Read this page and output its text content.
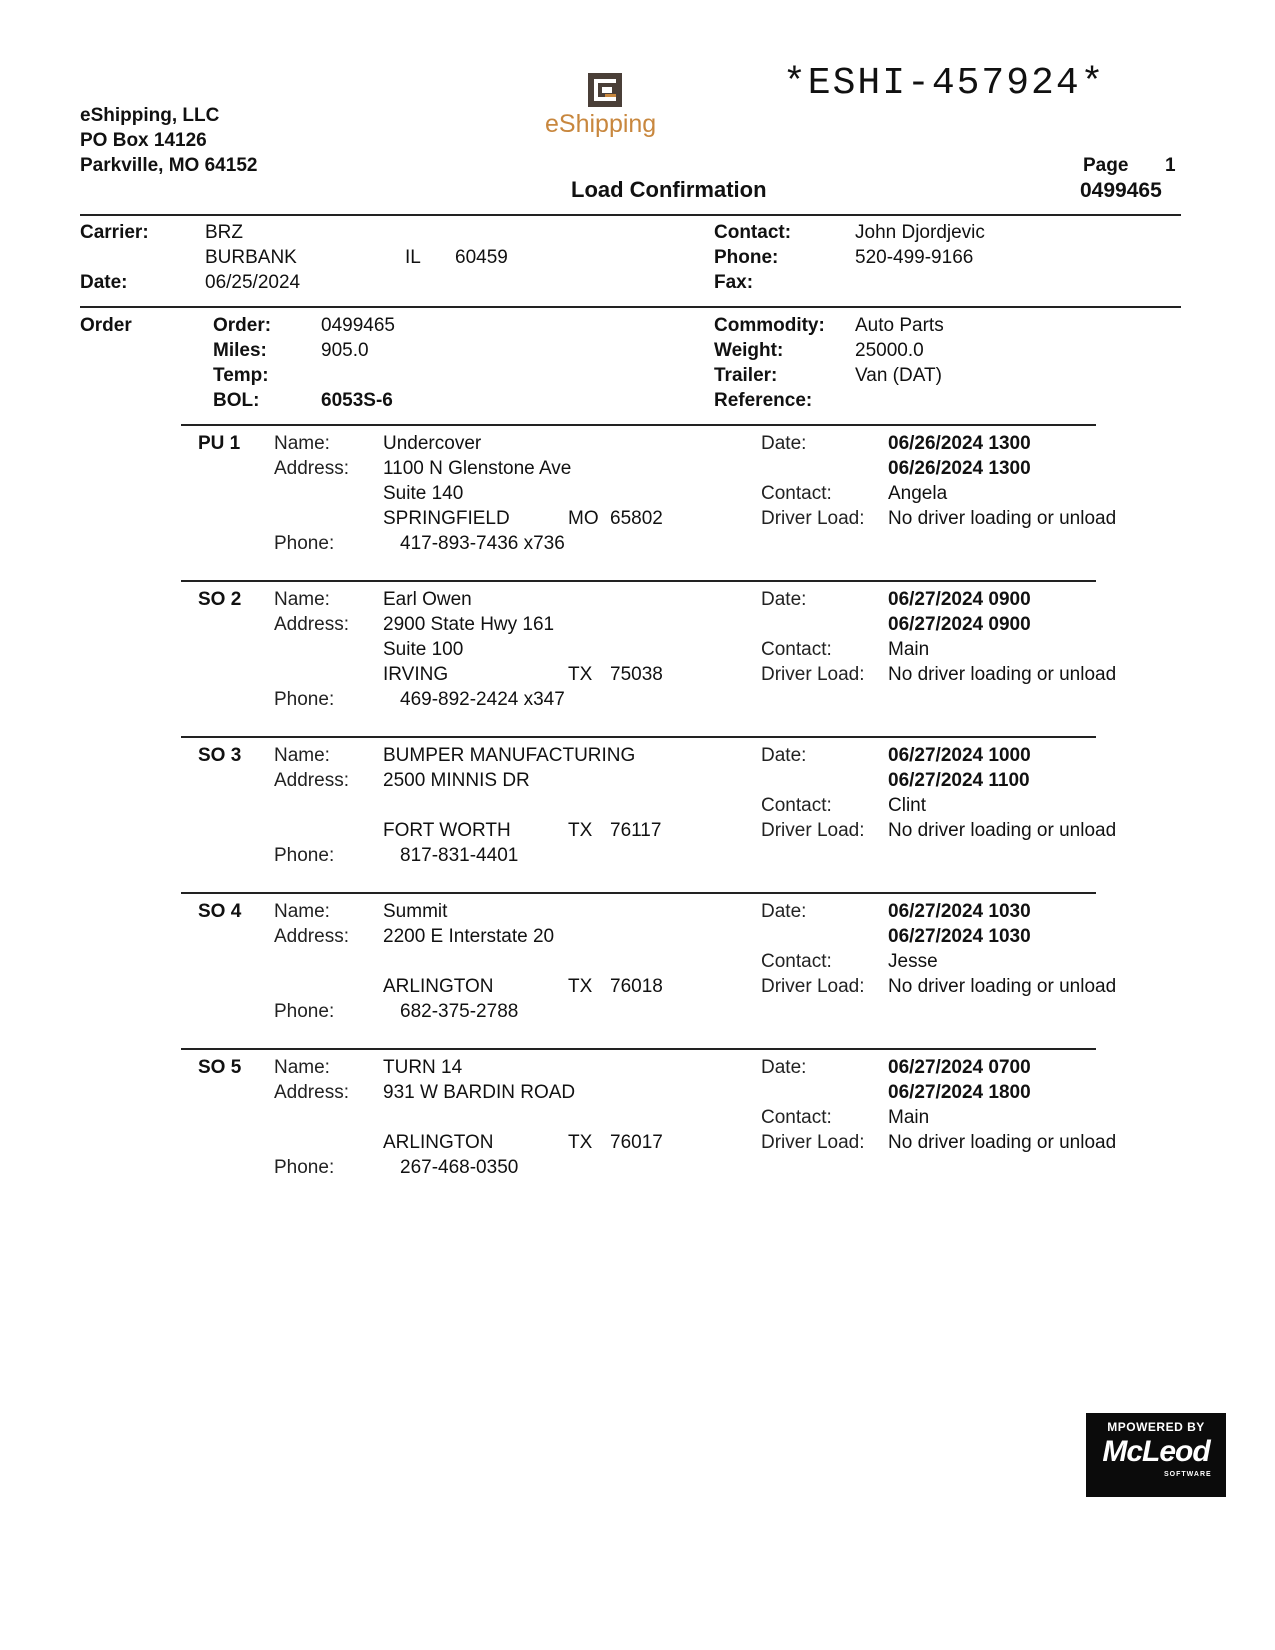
eShipping, LLC
PO Box 14126
Parkville, MO 64152
eShipping
*ESHI-457924*
Load Confirmation
Page 1
0499465
Carrier:	BRZ
BURBANK	IL 60459
Date:	06/25/2024
Contact:	John Djordjevic
Phone:	520-499-9166
Fax:
Order	Order:	0499465
Miles:	905.0
Temp:
BOL:	6053S-6
Commodity: Auto Parts
Weight:	25000.0
Trailer:	Van (DAT)
Reference:
PU 1 Name:	Undercover
Address: 1100 N Glenstone Ave
Suite 140
SPRINGFIELD	MO 65802
Phone:	417-893-7436 x736
Date:	06/26/2024 1300
06/26/2024 1300
Contact:	Angela
Driver Load: No driver loading or unload
SO 2 Name:	Earl Owen
Address: 2900 State Hwy 161
Suite 100
IRVING	TX 75038
Phone:	469-892-2424 x347
Date:	06/27/2024 0900
06/27/2024 0900
Contact:	Main
Driver Load: No driver loading or unload
SO 3 Name:	BUMPER MANUFACTURING
Address: 2500 MINNIS DR
FORT WORTH	TX 76117
Phone:	817-831-4401
Date:	06/27/2024 1000
06/27/2024 1100
Contact:	Clint
Driver Load: No driver loading or unload
SO 4 Name:	Summit
Address: 2200 E Interstate 20
ARLINGTON	TX 76018
Phone:	682-375-2788
Date:	06/27/2024 1030
06/27/2024 1030
Contact:	Jesse
Driver Load: No driver loading or unload
SO 5 Name:	TURN 14
Address: 931 W BARDIN ROAD
ARLINGTON	TX 76017
Phone:	267-468-0350
Date:	06/27/2024 0700
06/27/2024 1800
Contact:	Main
Driver Load: No driver loading or unload
MPOWERED BY
McLeod
SOFTWARE
